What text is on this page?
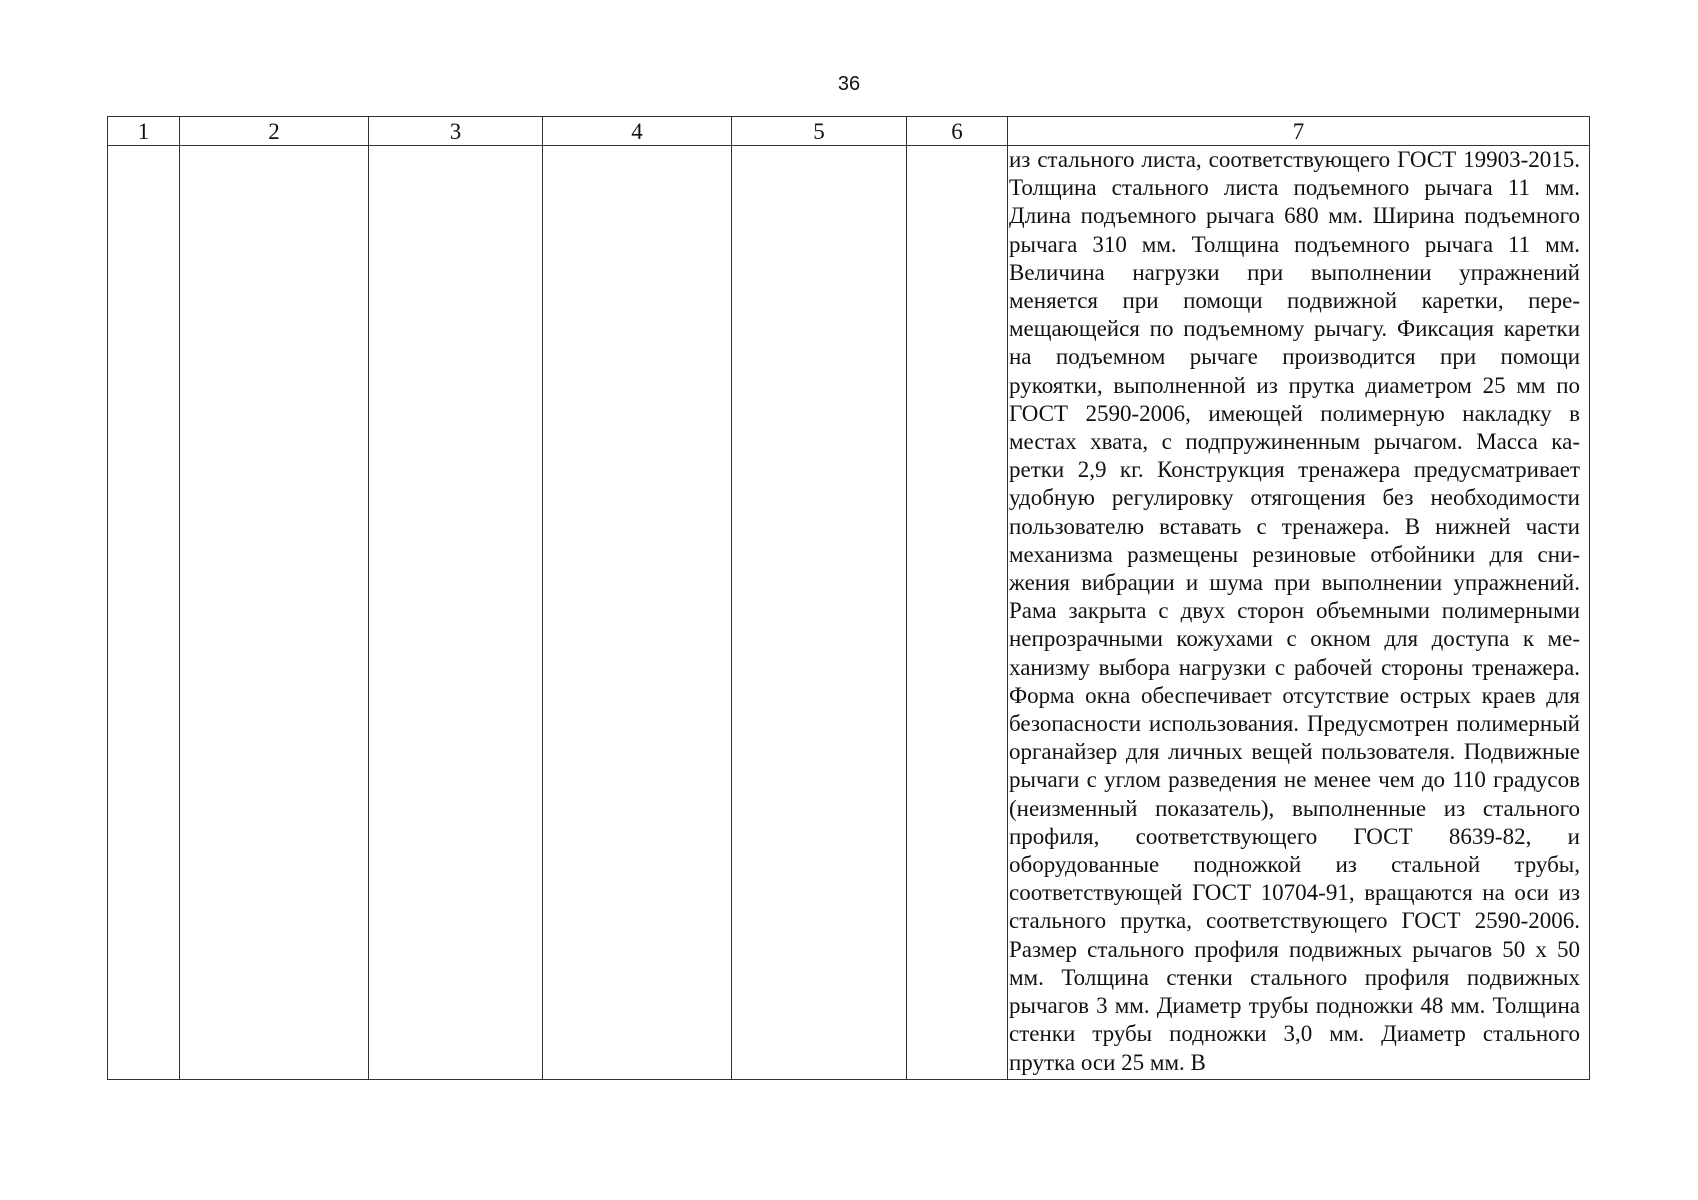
36
1	2	3	4	5	6	7

						из стального листа, соответствующего ГОСТ 19903-2015. Толщина стального листа подъемного рычага 11 мм. Длина подъемного рычага 680 мм. Ширина подъемного рычага 310 мм. Толщина подъемного рычага 11 мм. Величина нагрузки при выполнении упражнений меняется при помощи подвижной каретки, перемещающейся по подъемному рычагу. Фиксация каретки на подъемном рычаге производится при помощи рукоятки, выполненной из прутка диаметром 25 мм по ГОСТ 2590-2006, имеющей полимерную накладку в местах хвата, с подпружиненным рычагом. Масса каретки 2,9 кг. Конструкция тренажера предусматривает удобную регулировку отягощения без необходимости пользователю вставать с тренажера. В нижней части механизма размещены резиновые отбойники для снижения вибрации и шума при выполнении упражнений. Рама закрыта с двух сторон объемными полимерными непрозрачными кожухами с окном для доступа к механизму выбора нагрузки с рабочей стороны тренажера. Форма окна обеспечивает отсутствие острых краев для безопасности использования. Предусмотрен полимерный органайзер для личных вещей пользователя. Подвижные рычаги с углом разведения не менее чем до 110 градусов (неизменный показатель), выполненные из стального профиля, соответствующего ГОСТ 8639-82, и оборудованные подножкой из стальной трубы, соответствующей ГОСТ 10704-91, вращаются на оси из стального прутка, соответствующего ГОСТ 2590-2006. Размер стального профиля подвижных рычагов 50 х 50 мм. Толщина стенки стального профиля подвижных рычагов 3 мм. Диаметр трубы подножки 48 мм. Толщина стенки трубы подножки 3,0 мм. Диаметр стального прутка оси 25 мм. В
